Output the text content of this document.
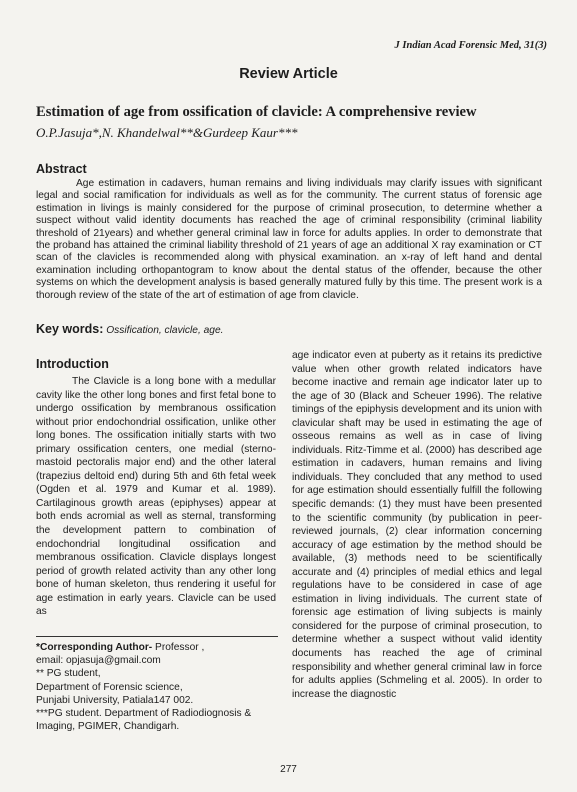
J Indian Acad Forensic Med, 31(3)
Review Article
Estimation of age from ossification of clavicle: A comprehensive review
O.P.Jasuja*,N. Khandelwal**&Gurdeep Kaur***
Abstract
Age estimation in cadavers, human remains and living individuals may clarify issues with significant legal and social ramification for individuals as well as for the community. The current status of forensic age estimation in livings is mainly considered for the purpose of criminal prosecution, to determine whether a suspect without valid identity documents has reached the age of criminal responsibility (criminal liability threshold of 21years) and whether general criminal law in force for adults applies. In order to demonstrate that the proband has attained the criminal liability threshold of 21 years of age an additional X ray examination or CT scan of the clavicles is recommended along with physical examination. an x-ray of left hand and dental examination including orthopantogram to know about the dental status of the offender, because the other systems on which the development analysis is based generally matured fully by this time. The present work is a thorough review of the state of the art of estimation of age from clavicle.
Key words: Ossification, clavicle, age.
Introduction

The Clavicle is a long bone with a medullar cavity like the other long bones and first fetal bone to undergo ossification by membranous ossification without prior endochondrial ossification, unlike other long bones. The ossification initially starts with two primary ossification centers, one medial (sterno-mastoid pectoralis major end) and the other lateral (trapezius deltoid end) during 5th and 6th fetal week (Ogden et al. 1979 and Kumar et al. 1989). Cartilaginous growth areas (epiphyses) appear at both ends acromial as well as sternal, transforming the development pattern to combination of endochondrial longitudinal ossification and membranous ossification. Clavicle displays longest period of growth related activity than any other long bone of human skeleton, thus rendering it useful for age estimation in early years. Clavicle can be used as

*Corresponding Author- Professor ,
email: opjasuja@gmail.com
** PG student,
Department of Forensic science,
Punjabi University, Patiala147 002.
***PG student. Department of Radiodiognosis & Imaging, PGIMER, Chandigarh.

age indicator even at puberty as it retains its predictive value when other growth related indicators have become inactive and remain age indicator later up to the age of 30 (Black and Scheuer 1996). The relative timings of the epiphysis development and its union with clavicular shaft may be used in estimating the age of osseous remains as well as in case of living individuals. Ritz-Timme et al. (2000) has described age estimation in cadavers, human remains and living individuals. They concluded that any method to used for age estimation should essentially fulfill the following specific demands: (1) they must have been presented to the scientific community (by publication in peer-reviewed journals, (2) clear information concerning accuracy of age estimation by the method should be available, (3) methods need to be scientifically accurate and (4) principles of medial ethics and legal regulations have to be considered in case of age estimation in living individuals. The current state of forensic age estimation of living subjects is mainly considered for the purpose of criminal prosecution, to determine whether a suspect without valid identity documents has reached the age of criminal responsibility and whether general criminal law in force for adults applies (Schmeling et al. 2005). In order to increase the diagnostic

277
